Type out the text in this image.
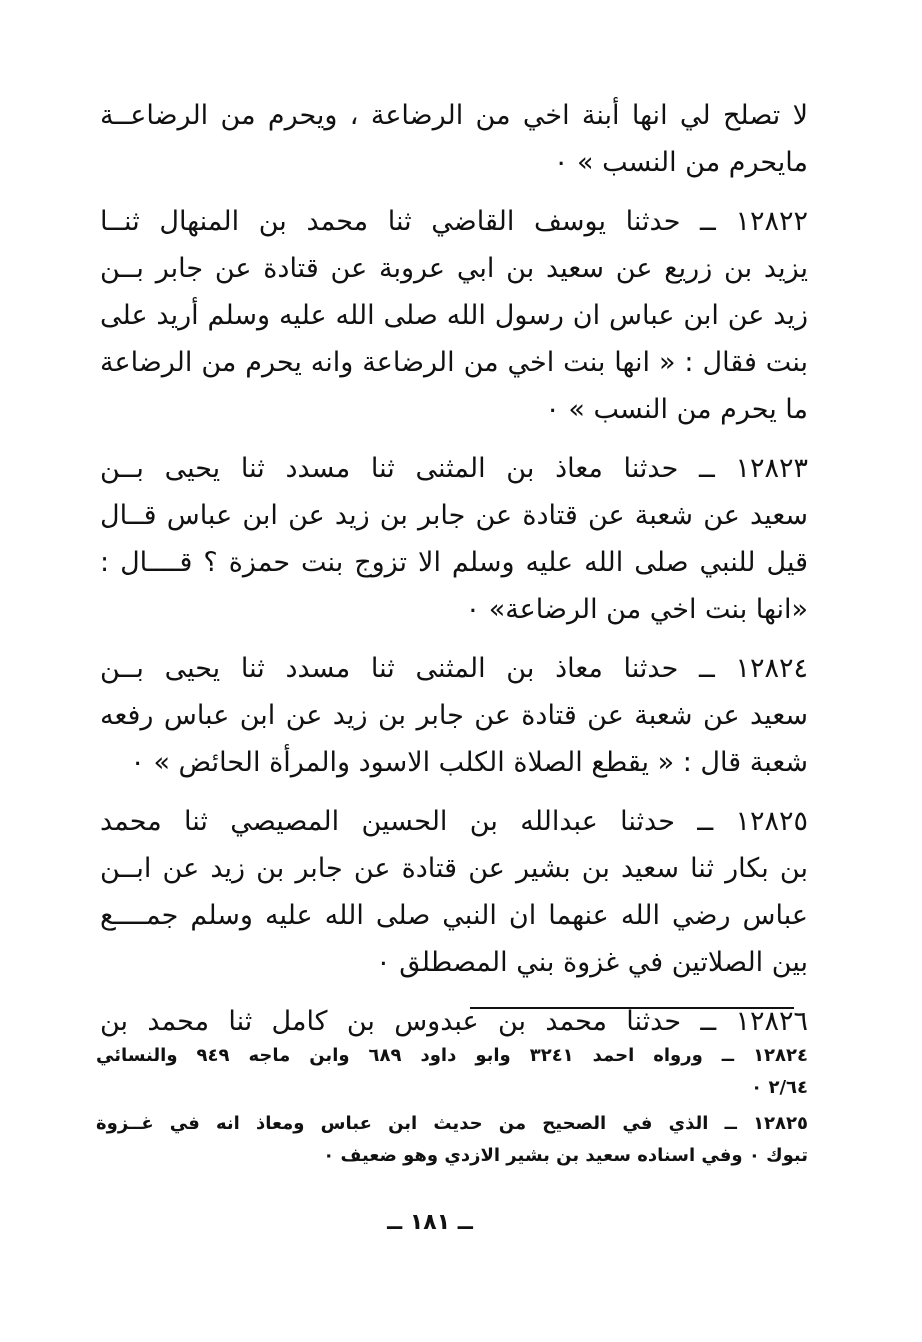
لا تصلح لي انها أبنة اخي من الرضاعة ، ويحرم من الرضاعــة
مايحرم من النسب » ٠
١٢٨٢٢ ــ حدثنا يوسف القاضي ثنا محمد بن المنهال ثنــا
يزيد بن زريع عن سعيد بن ابي عروبة عن قتادة عن جابر بــن
زيد عن ابن عباس ان رسول الله صلى الله عليه وسلم أريد على
بنت فقال : « انها بنت اخي من الرضاعة وانه يحرم من الرضاعة
ما يحرم من النسب » ٠
١٢٨٢٣ ــ حدثنا معاذ بن المثنى ثنا مسدد ثنا يحيى بــن
سعيد عن شعبة عن قتادة عن جابر بن زيد عن ابن عباس قــال
قيل للنبي صلى الله عليه وسلم الا تزوج بنت حمزة ؟ قــــال :
«انها بنت اخي من الرضاعة» ٠
١٢٨٢٤ ــ حدثنا معاذ بن المثنى ثنا مسدد ثنا يحيى بــن
سعيد عن شعبة عن قتادة عن جابر بن زيد عن ابن عباس رفعه
شعبة قال : « يقطع الصلاة الكلب الاسود والمرأة الحائض » ٠
١٢٨٢٥ ــ حدثنا عبدالله بن الحسين المصيصي ثنا محمد
بن بكار ثنا سعيد بن بشير عن قتادة عن جابر بن زيد عن ابــن
عباس رضي الله عنهما ان النبي صلى الله عليه وسلم جمــــع
بين الصلاتين في غزوة بني المصطلق ٠
١٢٨٢٦ ــ حدثنا محمد بن عبدوس بن كامل ثنا محمد بن
١٢٨٢٤ ــ ورواه احمد ٣٢٤١ وابو داود ٦٨٩ وابن ماجه ٩٤٩ والنسائي
٢/٦٤ ٠
١٢٨٢٥ ــ الذي في الصحيح من حديث ابن عباس ومعاذ انه في غــزوة
تبوك ٠ وفي اسناده سعيد بن بشير الازدي وهو ضعيف ٠
ــ ١٨١ ــ
